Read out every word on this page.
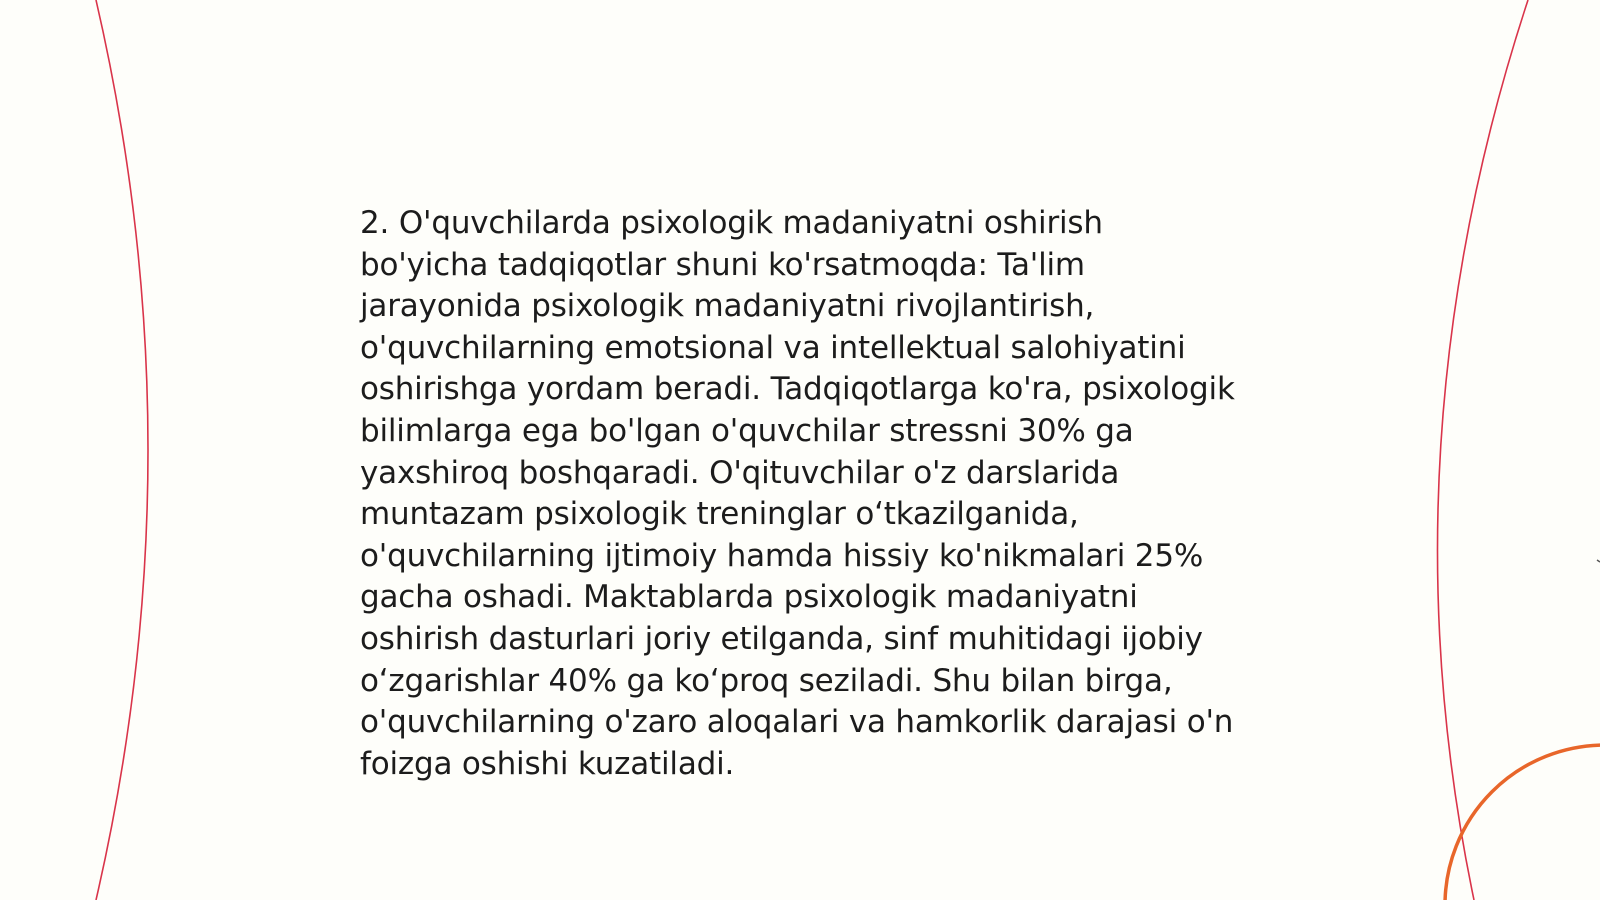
2. O'quvchilarda psixologik madaniyatni oshirish bo'yicha tadqiqotlar shuni ko'rsatmoqda: Ta'lim jarayonida psixologik madaniyatni rivojlantirish, o'quvchilarning emotsional va intellektual salohiyatini oshirishga yordam beradi. Tadqiqotlarga ko'ra, psixologik bilimlarga ega bo'lgan o'quvchilar stressni 30% ga yaxshiroq boshqaradi. O'qituvchilar o'z darslarida muntazam psixologik treninglar o‘tkazilganida, o'quvchilarning ijtimoiy hamda hissiy ko'nikmalari 25% gacha oshadi. Maktablarda psixologik madaniyatni oshirish dasturlari joriy etilganda, sinf muhitidagi ijobiy o‘zgarishlar 40% ga ko‘proq seziladi. Shu bilan birga, o'quvchilarning o'zaro aloqalari va hamkorlik darajasi o'n foizga oshishi kuzatiladi.
